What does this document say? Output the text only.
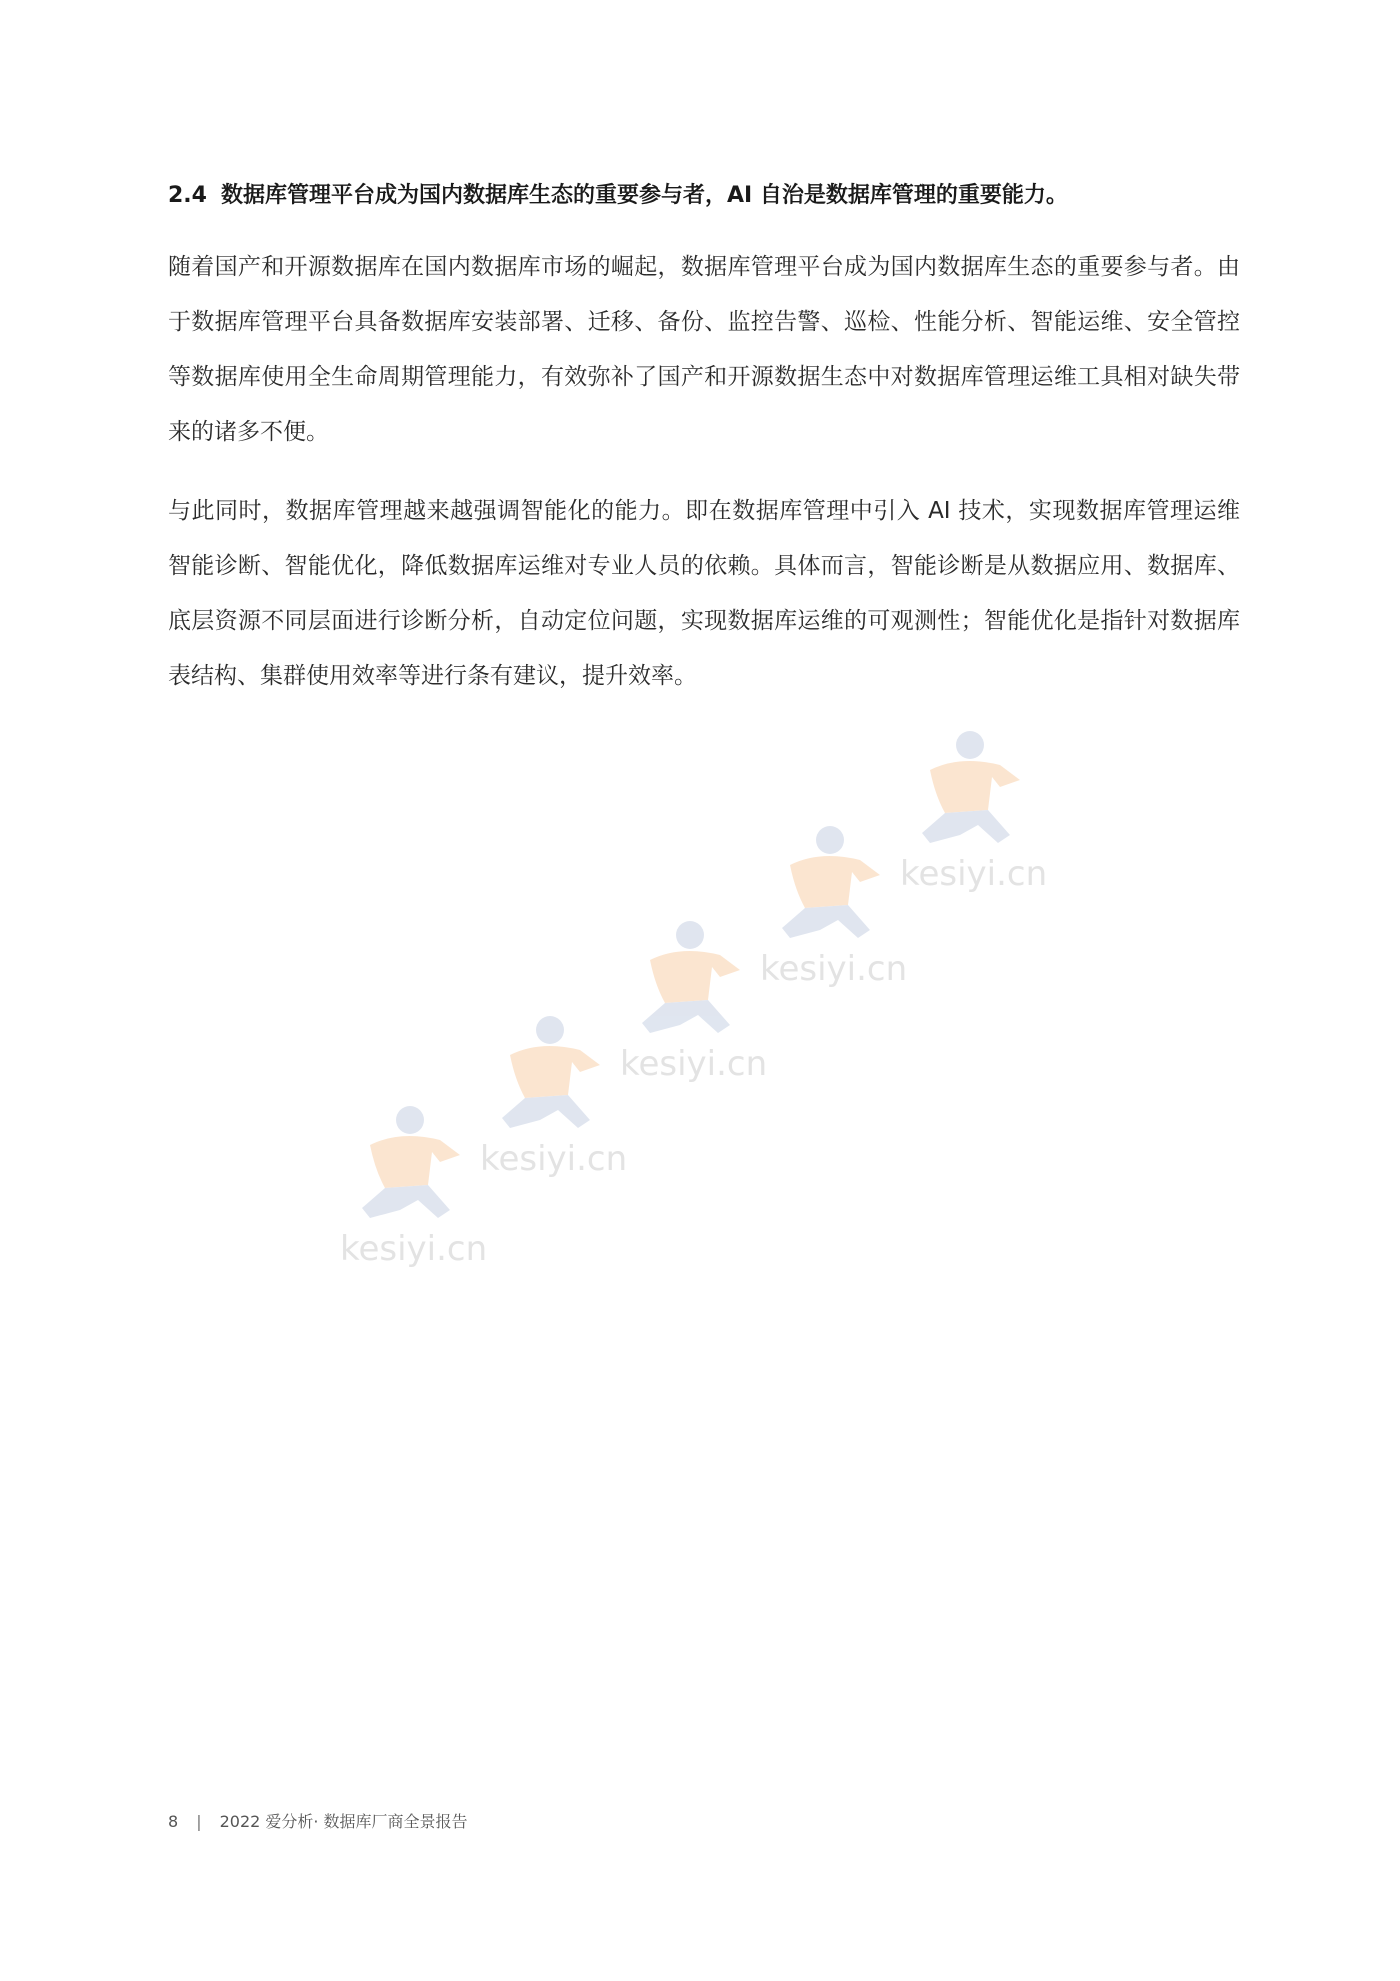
2.4 数据库管理平台成为国内数据库生态的重要参与者，AI 自治是数据库管理的重要能力。

随着国产和开源数据库在国内数据库市场的崛起，数据库管理平台成为国内数据库生态的重要参与者。由于数据库管理平台具备数据库安装部署、迁移、备份、监控告警、巡检、性能分析、智能运维、安全管控等数据库使用全生命周期管理能力，有效弥补了国产和开源数据生态中对数据库管理运维工具相对缺失带来的诸多不便。

与此同时，数据库管理越来越强调智能化的能力。即在数据库管理中引入 AI 技术，实现数据库管理运维智能诊断、智能优化，降低数据库运维对专业人员的依赖。具体而言，智能诊断是从数据应用、数据库、底层资源不同层面进行诊断分析，自动定位问题，实现数据库运维的可观测性；智能优化是指针对数据库表结构、集群使用效率等进行条有建议，提升效率。

kesiyi.cn
kesiyi.cn
kesiyi.cn
kesiyi.cn
kesiyi.cn
8 | 2022 爱分析· 数据库厂商全景报告
